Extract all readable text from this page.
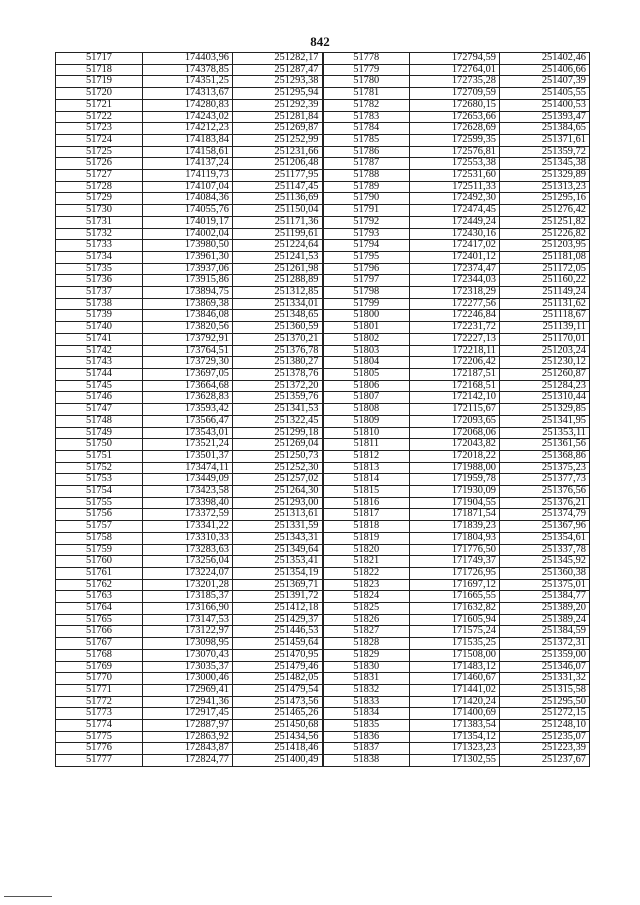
842
51717	174403,96	251282,17	51778	172794,59	251402,46
51718	174378,85	251287,47	51779	172764,01	251406,66
51719	174351,25	251293,38	51780	172735,28	251407,39
51720	174313,67	251295,94	51781	172709,59	251405,55
51721	174280,83	251292,39	51782	172680,15	251400,53
51722	174243,02	251281,84	51783	172653,66	251393,47
51723	174212,23	251269,87	51784	172628,69	251384,65
51724	174183,84	251252,99	51785	172599,35	251371,61
51725	174158,61	251231,66	51786	172576,81	251359,72
51726	174137,24	251206,48	51787	172553,38	251345,38
51727	174119,73	251177,95	51788	172531,60	251329,89
51728	174107,04	251147,45	51789	172511,33	251313,23
51729	174084,36	251136,69	51790	172492,30	251295,16
51730	174055,76	251150,04	51791	172474,45	251276,42
51731	174019,17	251171,36	51792	172449,24	251251,82
51732	174002,04	251199,61	51793	172430,16	251226,82
51733	173980,50	251224,64	51794	172417,02	251203,95
51734	173961,30	251241,53	51795	172401,12	251181,08
51735	173937,06	251261,98	51796	172374,47	251172,05
51736	173915,86	251288,89	51797	172344,03	251160,22
51737	173894,75	251312,85	51798	172318,29	251149,24
51738	173869,38	251334,01	51799	172277,56	251131,62
51739	173846,08	251348,65	51800	172246,84	251118,67
51740	173820,56	251360,59	51801	172231,72	251139,11
51741	173792,91	251370,21	51802	172227,13	251170,01
51742	173764,51	251376,78	51803	172218,11	251203,24
51743	173729,30	251380,27	51804	172206,42	251230,12
51744	173697,05	251378,76	51805	172187,51	251260,87
51745	173664,68	251372,20	51806	172168,51	251284,23
51746	173628,83	251359,76	51807	172142,10	251310,44
51747	173593,42	251341,53	51808	172115,67	251329,85
51748	173566,47	251322,45	51809	172093,65	251341,95
51749	173543,01	251299,18	51810	172068,06	251353,11
51750	173521,24	251269,04	51811	172043,82	251361,56
51751	173501,37	251250,73	51812	172018,22	251368,86
51752	173474,11	251252,30	51813	171988,00	251375,23
51753	173449,09	251257,02	51814	171959,78	251377,73
51754	173423,58	251264,30	51815	171930,09	251376,56
51755	173398,40	251293,00	51816	171904,55	251376,21
51756	173372,59	251313,61	51817	171871,54	251374,79
51757	173341,22	251331,59	51818	171839,23	251367,96
51758	173310,33	251343,31	51819	171804,93	251354,61
51759	173283,63	251349,64	51820	171776,50	251337,78
51760	173256,04	251353,41	51821	171749,37	251345,92
51761	173224,07	251354,19	51822	171726,95	251360,38
51762	173201,28	251369,71	51823	171697,12	251375,01
51763	173185,37	251391,72	51824	171665,55	251384,77
51764	173166,90	251412,18	51825	171632,82	251389,20
51765	173147,53	251429,37	51826	171605,94	251389,24
51766	173122,97	251446,53	51827	171575,24	251384,59
51767	173098,95	251459,64	51828	171535,25	251372,31
51768	173070,43	251470,95	51829	171508,00	251359,00
51769	173035,37	251479,46	51830	171483,12	251346,07
51770	173000,46	251482,05	51831	171460,67	251331,32
51771	172969,41	251479,54	51832	171441,02	251315,58
51772	172941,36	251473,56	51833	171420,24	251295,50
51773	172917,45	251465,26	51834	171400,69	251272,15
51774	172887,97	251450,68	51835	171383,54	251248,10
51775	172863,92	251434,56	51836	171354,12	251235,07
51776	172843,87	251418,46	51837	171323,23	251223,39
51777	172824,77	251400,49	51838	171302,55	251237,67
